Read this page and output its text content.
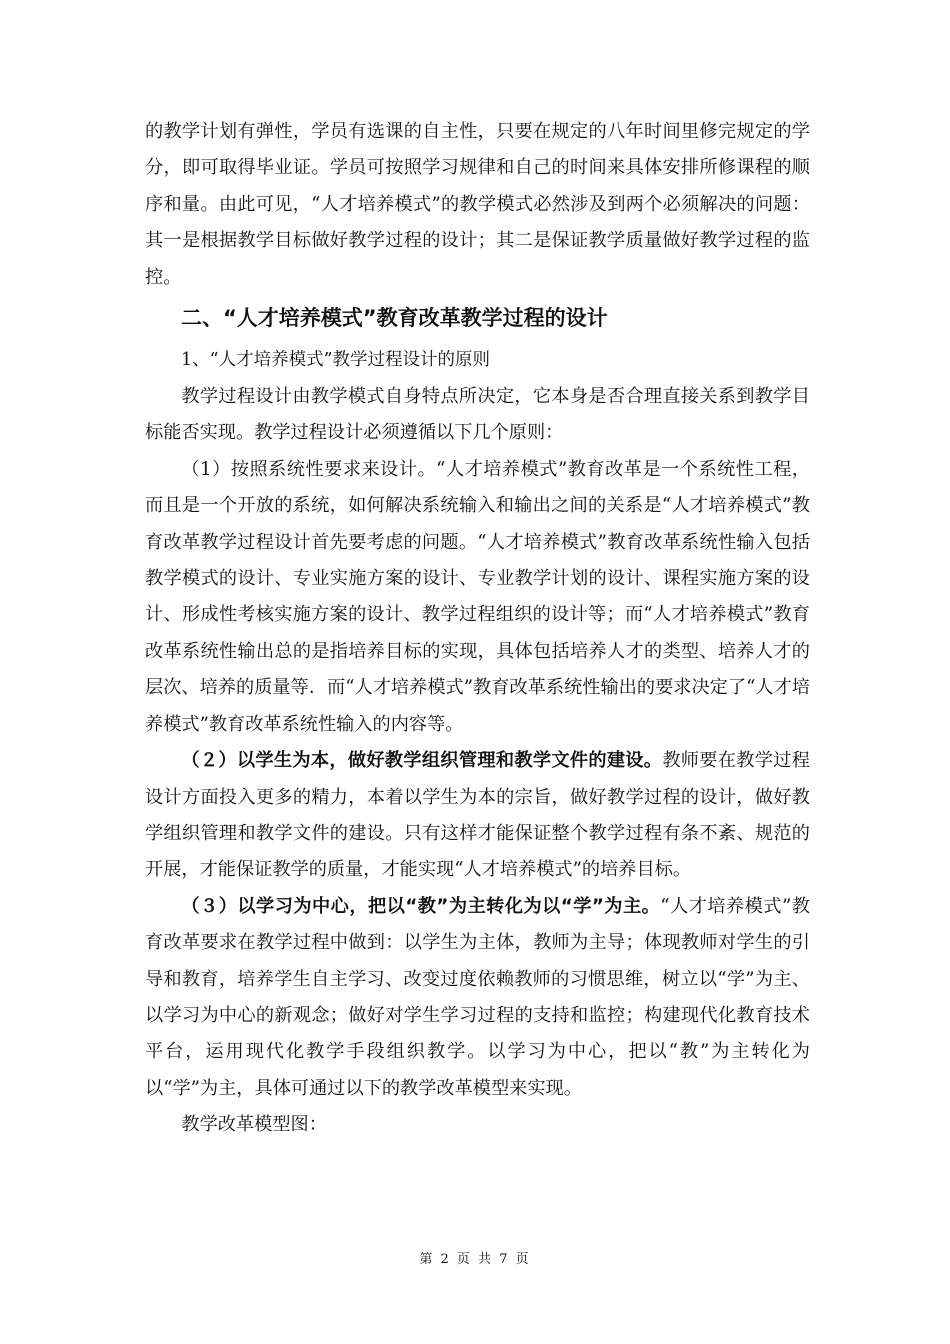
的教学计划有弹性，学员有选课的自主性，只要在规定的八年时间里修完规定的学分，即可取得毕业证。学员可按照学习规律和自己的时间来具体安排所修课程的顺序和量。由此可见，“人才培养模式”的教学模式必然涉及到两个必须解决的问题：其一是根据教学目标做好教学过程的设计；其二是保证教学质量做好教学过程的监控。

二、“人才培养模式”教育改革教学过程的设计

1、“人才培养模式”教学过程设计的原则

教学过程设计由教学模式自身特点所决定，它本身是否合理直接关系到教学目标能否实现。教学过程设计必须遵循以下几个原则：

（1）按照系统性要求来设计。“人才培养模式”教育改革是一个系统性工程，而且是一个开放的系统，如何解决系统输入和输出之间的关系是“人才培养模式”教育改革教学过程设计首先要考虑的问题。“人才培养模式”教育改革系统性输入包括教学模式的设计、专业实施方案的设计、专业教学计划的设计、课程实施方案的设计、形成性考核实施方案的设计、教学过程组织的设计等；而“人才培养模式”教育改革系统性输出总的是指培养目标的实现，具体包括培养人才的类型、培养人才的层次、培养的质量等．而“人才培养模式”教育改革系统性输出的要求决定了“人才培养模式”教育改革系统性输入的内容等。

（２）以学生为本，做好教学组织管理和教学文件的建设。教师要在教学过程设计方面投入更多的精力，本着以学生为本的宗旨，做好教学过程的设计，做好教学组织管理和教学文件的建设。只有这样才能保证整个教学过程有条不紊、规范的开展，才能保证教学的质量，才能实现“人才培养模式”的培养目标。

（３）以学习为中心，把以“教”为主转化为以“学”为主。“人才培养模式”教育改革要求在教学过程中做到：以学生为主体，教师为主导；体现教师对学生的引导和教育，培养学生自主学习、改变过度依赖教师的习惯思维，树立以“学”为主、以学习为中心的新观念；做好对学生学习过程的支持和监控；构建现代化教育技术平台，运用现代化教学手段组织教学。以学习为中心，把以“教”为主转化为以“学”为主，具体可通过以下的教学改革模型来实现。

教学改革模型图：

第 2 页 共 7 页
